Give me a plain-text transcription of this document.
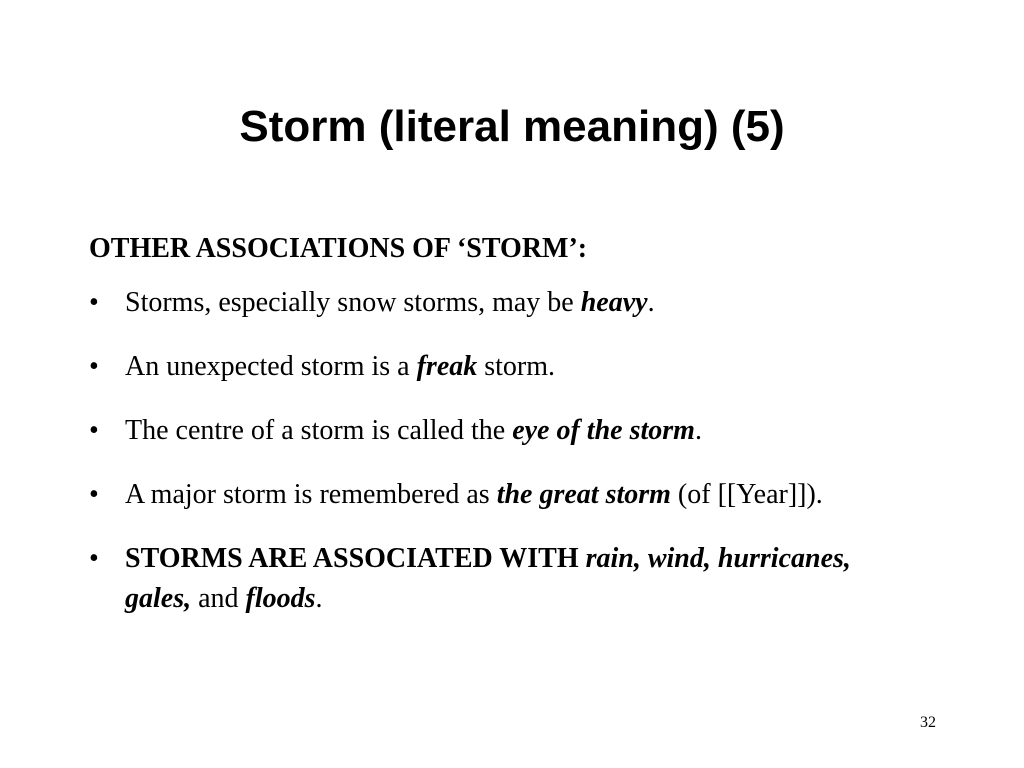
Storm (literal meaning) (5)

OTHER ASSOCIATIONS OF ‘STORM’:

• Storms, especially snow storms, may be heavy.
• An unexpected storm is a freak storm.
• The centre of a storm is called the eye of the storm.
• A major storm is remembered as the great storm (of [[Year]]).
• STORMS ARE ASSOCIATED WITH rain, wind, hurricanes, gales, and floods.
32
